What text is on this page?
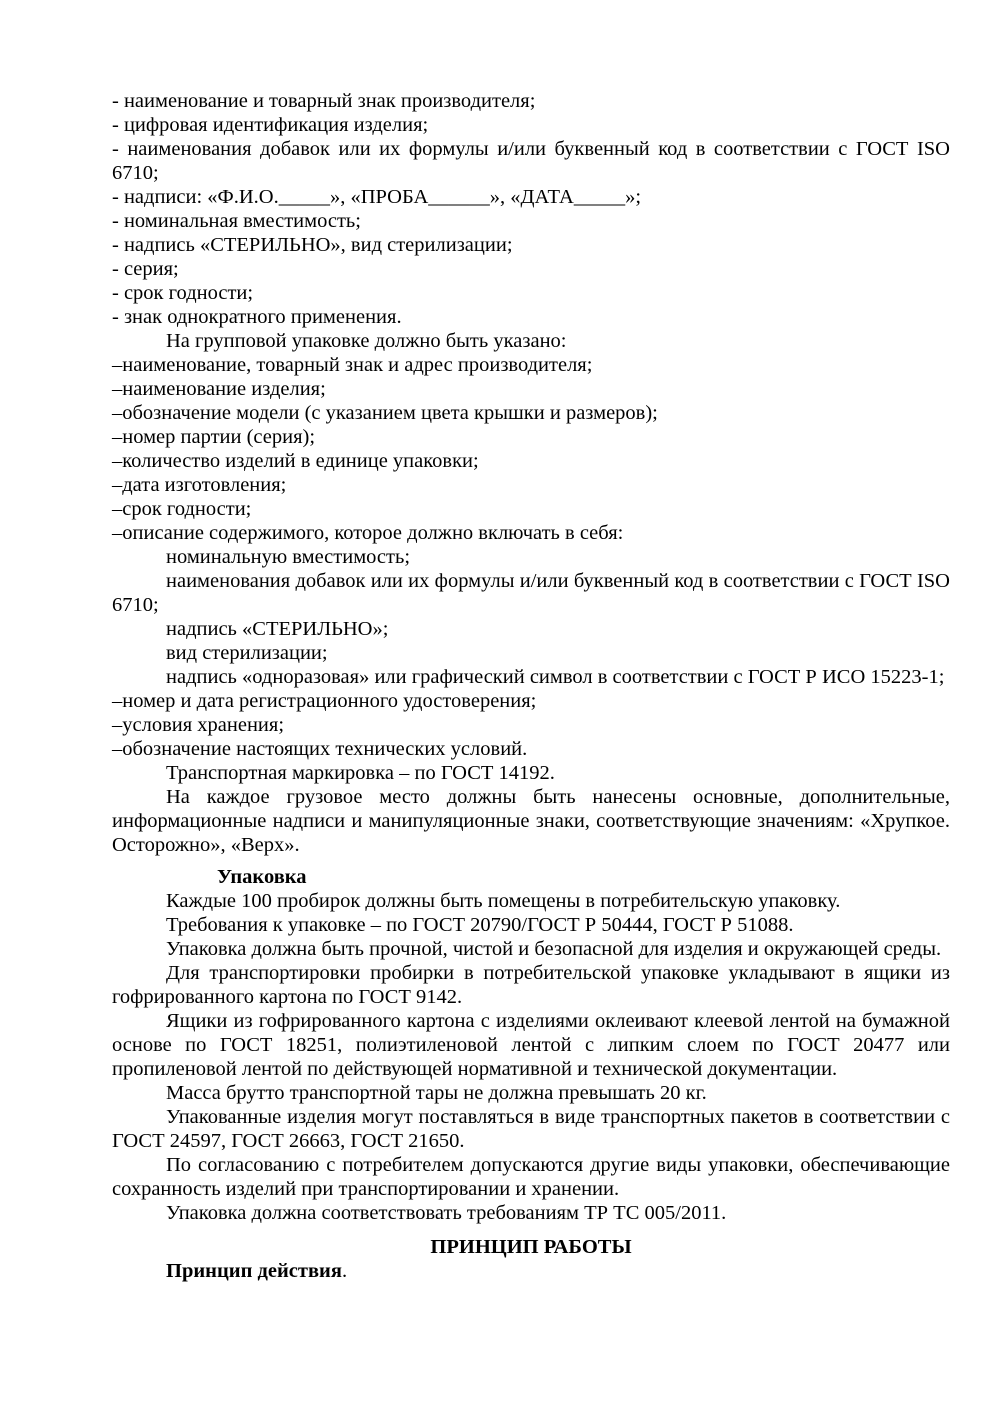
- наименование и товарный знак производителя;

- цифровая идентификация изделия;

- наименования добавок или их формулы и/или буквенный код в соответствии с ГОСТ ISO 6710;

- надписи: «Ф.И.О._____», «ПРОБА______», «ДАТА_____»;

- номинальная вместимость;

- надпись «СТЕРИЛЬНО», вид стерилизации;

- серия;

- срок годности;

- знак однократного применения.

На групповой упаковке должно быть указано:

–наименование, товарный знак и адрес производителя;

–наименование изделия;

–обозначение модели (с указанием цвета крышки и размеров);

–номер партии (серия);

–количество изделий в единице упаковки;

–дата изготовления;

–срок годности;

–описание содержимого, которое должно включать в себя:

номинальную вместимость;

наименования добавок или их формулы и/или буквенный код в соответствии с ГОСТ ISO 6710;

надпись «СТЕРИЛЬНО»;

вид стерилизации;

надпись «одноразовая» или графический символ в соответствии с ГОСТ Р ИСО 15223-1;

–номер и дата регистрационного удостоверения;

–условия хранения;

–обозначение настоящих технических условий.

Транспортная маркировка – по ГОСТ 14192.

На каждое грузовое место должны быть нанесены основные, дополнительные, информационные надписи и манипуляционные знаки, соответствующие значениям: «Хрупкое. Осторожно», «Верх».

Упаковка

Каждые 100 пробирок должны быть помещены в потребительскую упаковку.

Требования к упаковке – по ГОСТ 20790/ГОСТ Р 50444, ГОСТ Р 51088.

Упаковка должна быть прочной, чистой и безопасной для изделия и окружающей среды.

Для транспортировки пробирки в потребительской упаковке укладывают в ящики из гофрированного картона по ГОСТ 9142.

Ящики из гофрированного картона с изделиями оклеивают клеевой лентой на бумажной основе по ГОСТ 18251, полиэтиленовой лентой с липким слоем по ГОСТ 20477 или пропиленовой лентой по действующей нормативной и технической документации.

Масса брутто транспортной тары не должна превышать 20 кг.

Упакованные изделия могут поставляться в виде транспортных пакетов в соответствии с ГОСТ 24597, ГОСТ 26663, ГОСТ 21650.

По согласованию с потребителем допускаются другие виды упаковки, обеспечивающие сохранность изделий при транспортировании и хранении.

Упаковка должна соответствовать требованиям ТР ТС 005/2011.

ПРИНЦИП РАБОТЫ

Принцип действия.
